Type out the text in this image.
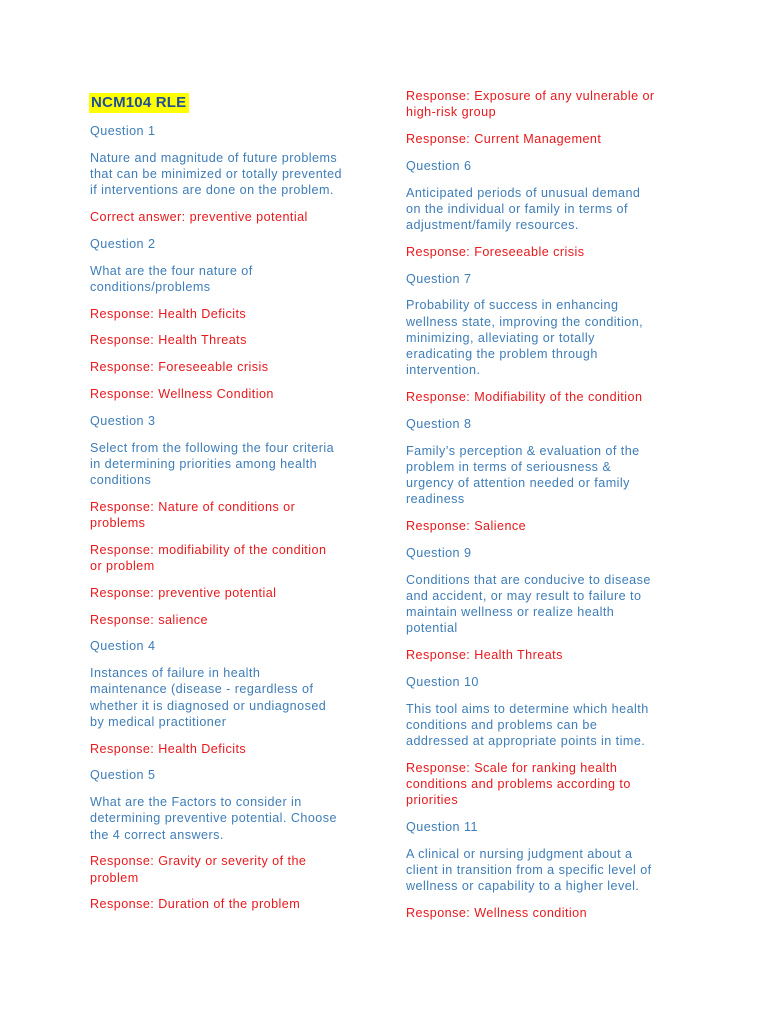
NCM104 RLE
Question 1
Nature and magnitude of future problems
that can be minimized or totally prevented
if interventions are done on the problem.
Correct answer: preventive potential
Question 2
What are the four nature of
conditions/problems
Response: Health Deficits
Response: Health Threats
Response: Foreseeable crisis
Response: Wellness Condition
Question 3
Select from the following the four criteria
in determining priorities among health
conditions
Response: Nature of conditions or
problems
Response: modifiability of the condition
or problem
Response: preventive potential
Response: salience
Question 4
Instances of failure in health
maintenance (disease - regardless of
whether it is diagnosed or undiagnosed
by medical practitioner
Response: Health Deficits
Question 5
What are the Factors to consider in
determining preventive potential. Choose
the 4 correct answers.
Response: Gravity or severity of the
problem
Response: Duration of the problem
Response: Exposure of any vulnerable or
high-risk group
Response: Current Management
Question 6
Anticipated periods of unusual demand
on the individual or family in terms of
adjustment/family resources.
Response: Foreseeable crisis
Question 7
Probability of success in enhancing
wellness state, improving the condition,
minimizing, alleviating or totally
eradicating the problem through
intervention.
Response: Modifiability of the condition
Question 8
Family’s perception & evaluation of the
problem in terms of seriousness &
urgency of attention needed or family
readiness
Response: Salience
Question 9
Conditions that are conducive to disease
and accident, or may result to failure to
maintain wellness or realize health
potential
Response: Health Threats
Question 10
This tool aims to determine which health
conditions and problems can be
addressed at appropriate points in time.
Response: Scale for ranking health
conditions and problems according to
priorities
Question 11
A clinical or nursing judgment about a
client in transition from a specific level of
wellness or capability to a higher level.
Response: Wellness condition
